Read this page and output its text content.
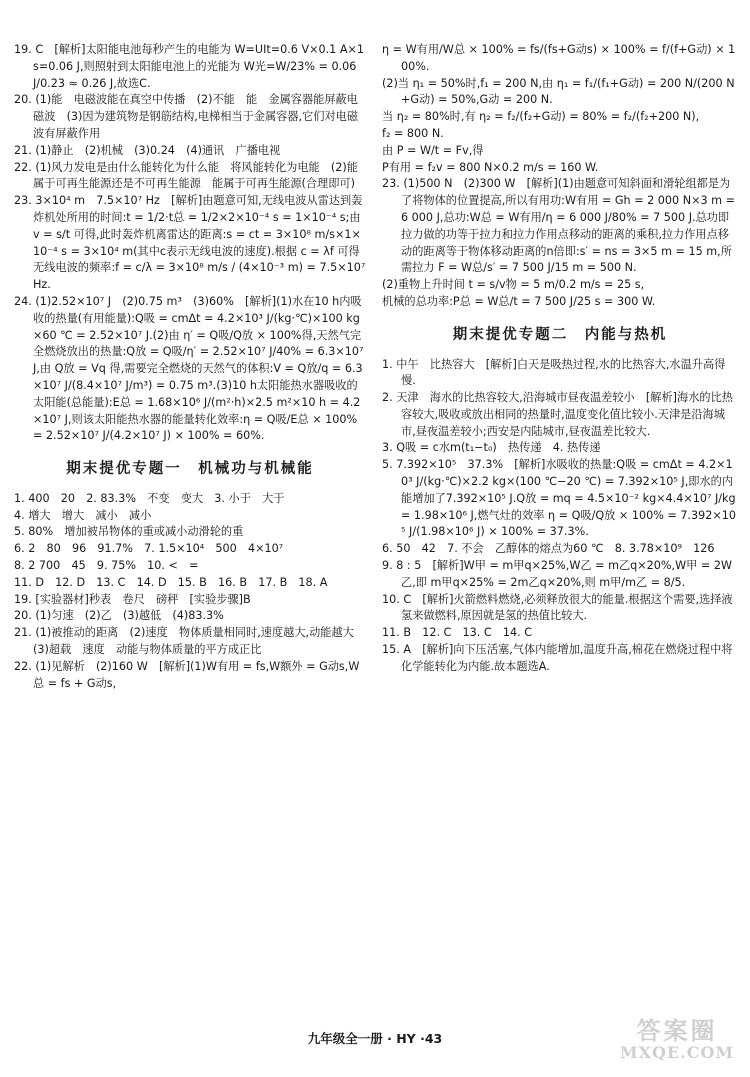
19. C　[解析]太阳能电池每秒产生的电能为 W=UIt=0.6 V×0.1 A×1 s=0.06 J,则照射到太阳能电池上的光能为 W光=W/23% = 0.06 J/0.23 ≈ 0.26 J,故选C.

20. (1)能　电磁波能在真空中传播　(2)不能　能　金属容器能屏蔽电磁波　(3)因为建筑物是钢筋结构,电梯相当于金属容器,它们对电磁波有屏蔽作用

21. (1)静止　(2)机械　(3)0.24　(4)通讯　广播电视

22. (1)风力发电是由什么能转化为什么能　将风能转化为电能　(2)能属于可再生能源还是不可再生能源　能属于可再生能源(合理即可)

23. 3×10⁴ m　7.5×10⁷ Hz　[解析]由题意可知,无线电波从雷达到轰炸机处所用的时间:t = 1/2·t总 = 1/2×2×10⁻⁴ s = 1×10⁻⁴ s;由 v = s/t 可得,此时轰炸机离雷达的距离:s = ct = 3×10⁸ m/s×1×10⁻⁴ s = 3×10⁴ m(其中c表示无线电波的速度).根据 c = λf 可得无线电波的频率:f = c/λ = 3×10⁸ m/s / (4×10⁻³ m) = 7.5×10⁷ Hz.

24. (1)2.52×10⁷ J　(2)0.75 m³　(3)60%　[解析](1)水在10 h内吸收的热量(有用能量):Q吸 = cmΔt = 4.2×10³ J/(kg·℃)×100 kg×60 ℃ = 2.52×10⁷ J.(2)由 η′ = Q吸/Q放 × 100%得,天然气完全燃烧放出的热量:Q放 = Q吸/η′ = 2.52×10⁷ J/40% = 6.3×10⁷ J,由 Q放 = Vq 得,需要完全燃烧的天然气的体积:V = Q放/q = 6.3×10⁷ J/(8.4×10⁷ J/m³) = 0.75 m³.(3)10 h太阳能热水器吸收的太阳能(总能量):E总 = 1.68×10⁶ J/(m²·h)×2.5 m²×10 h = 4.2×10⁷ J,则该太阳能热水器的能量转化效率:η = Q吸/E总 × 100% = 2.52×10⁷ J/(4.2×10⁷ J) × 100% = 60%.

期末提优专题一　机械功与机械能

1. 400　20　2. 83.3%　不变　变大　3. 小于　大于

4. 增大　增大　减小　减小

5. 80%　增加被吊物体的重或减小动滑轮的重

6. 2　80　96　91.7%　7. 1.5×10⁴　500　4×10⁷

8. 2 700　45　9. 75%　10. <　=

11. D　12. D　13. C　14. D　15. B　16. B　17. B　18. A

19. [实验器材]秒表　卷尺　磅秤　[实验步骤]B

20. (1)匀速　(2)乙　(3)越低　(4)83.3%

21. (1)被推动的距离　(2)速度　物体质量相同时,速度越大,动能越大　(3)超载　速度　动能与物体质量的平方成正比

22. (1)见解析　(2)160 W　[解析](1)W有用 = fs,W额外 = G动s,W总 = fs + G动s,

η = W有用/W总 × 100% = fs/(fs+G动s) × 100% = f/(f+G动) × 100%.

(2)当 η₁ = 50%时,f₁ = 200 N,由 η₁ = f₁/(f₁+G动) = 200 N/(200 N+G动) = 50%,G动 = 200 N.

当 η₂ = 80%时,有 η₂ = f₂/(f₂+G动) = 80% = f₂/(f₂+200 N),

f₂ = 800 N.

由 P = W/t = Fv,得

P有用 = f₂v = 800 N×0.2 m/s = 160 W.

23. (1)500 N　(2)300 W　[解析](1)由题意可知斜面和滑轮组都是为了将物体的位置提高,所以有用功:W有用 = Gh = 2 000 N×3 m = 6 000 J,总功:W总 = W有用/η = 6 000 J/80% = 7 500 J.总功即拉力做的功等于拉力和拉力作用点移动的距离的乘积,拉力作用点移动的距离等于物体移动距离的n倍即:s′ = ns = 3×5 m = 15 m,所需拉力 F = W总/s′ = 7 500 J/15 m = 500 N.

(2)重物上升时间 t = s/v物 = 5 m/0.2 m/s = 25 s,

机械的总功率:P总 = W总/t = 7 500 J/25 s = 300 W.

期末提优专题二　内能与热机

1. 中午　比热容大　[解析]白天是吸热过程,水的比热容大,水温升高得慢.

2. 天津　海水的比热容较大,沿海城市昼夜温差较小　[解析]海水的比热容较大,吸收或放出相同的热量时,温度变化值比较小.天津是沿海城市,昼夜温差较小;西安是内陆城市,昼夜温差比较大.

3. Q吸 = c水m(t₁−t₀)　热传递　4. 热传递

5. 7.392×10⁵　37.3%　[解析]水吸收的热量:Q吸 = cmΔt = 4.2×10³ J/(kg·℃)×2.2 kg×(100 ℃−20 ℃) = 7.392×10⁵ J,即水的内能增加了7.392×10⁵ J.Q放 = mq = 4.5×10⁻² kg×4.4×10⁷ J/kg = 1.98×10⁶ J,燃气灶的效率 η = Q吸/Q放 × 100% = 7.392×10⁵ J/(1.98×10⁶ J) × 100% = 37.3%.

6. 50　42　7. 不会　乙醇体的熔点为60 ℃　8. 3.78×10⁹　126

9. 8 : 5　[解析]W甲 = m甲q×25%,W乙 = m乙q×20%,W甲 = 2W乙,即 m甲q×25% = 2m乙q×20%,则 m甲/m乙 = 8/5.

10. C　[解析]火箭燃料燃烧,必须释放很大的能量.根据这个需要,选择液氢来做燃料,原因就是氢的热值比较大.

11. B　12. C　13. C　14. C

15. A　[解析]向下压活塞,气体内能增加,温度升高,棉花在燃烧过程中将化学能转化为内能.故本题选A.

九年级全一册 · HY ·43	答案圈
MXQE.COM
